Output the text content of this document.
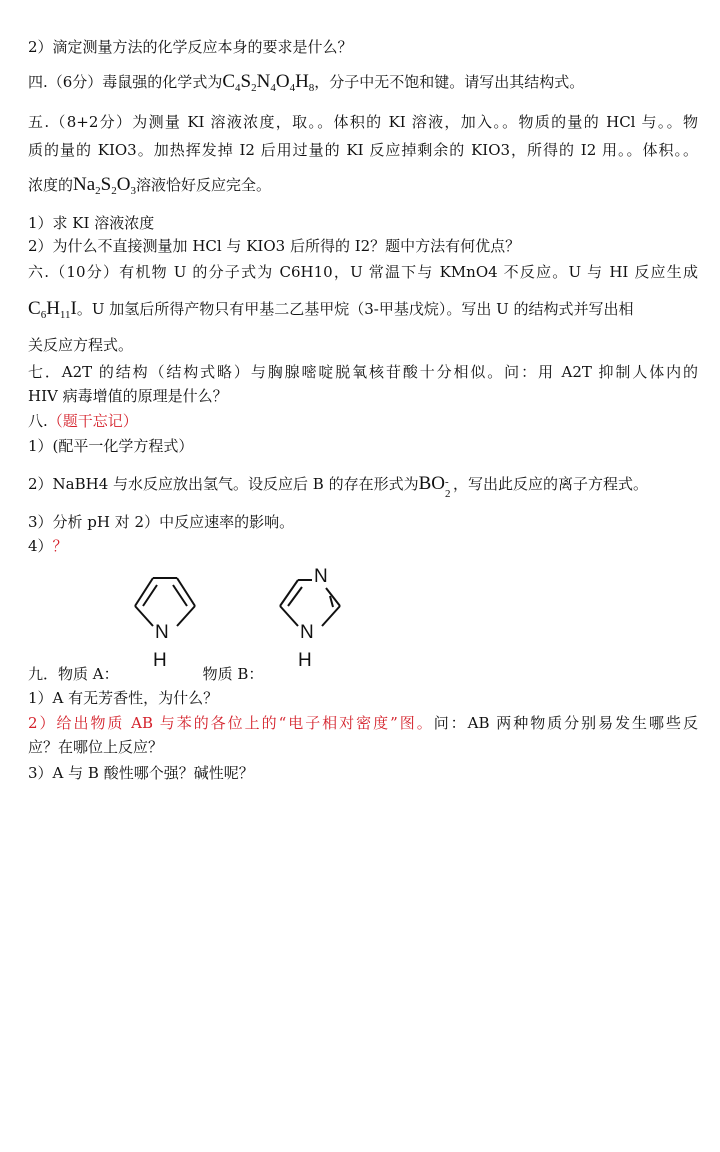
2）滴定测量方法的化学反应本身的要求是什么？
四.（6分）毒鼠强的化学式为$C_4S_2N_4O_4H_8$，分子中无不饱和键。请写出其结构式。
五.（8+2分）为测量 KI 溶液浓度，取。。体积的 KI 溶液，加入。。物质的量的 HCl 与。。物
质的量的 KIO3。加热挥发掉 I2 后用过量的 KI 反应掉剩余的 KIO3，所得的 I2 用。。体积。。
浓度的$Na_2S_2O_3$溶液恰好反应完全。
1）求 KI 溶液浓度
2）为什么不直接测量加 HCl 与 KIO3 后所得的 I2？题中方法有何优点？
六.（10分）有机物 U 的分子式为 C6H10，U 常温下与 KMnO4 不反应。U 与 HI 反应生成
$C_6H_{11}I$。U 加氢后所得产物只有甲基二乙基甲烷（3-甲基戊烷）。写出 U 的结构式并写出相
关反应方程式。
七．A2T 的结构（结构式略）与胸腺嘧啶脱氧核苷酸十分相似。问：用 A2T 抑制人体内的
HIV 病毒增值的原理是什么？
八.（题干忘记）
1）(配平一化学方程式）
2）NaBH4 与水反应放出氢气。设反应后 B 的存在形式为BO -
2
，写出此反应的离子方程式。
3）分析 pH 对 2）中反应速率的影响。
4）？
N
H
N
N
H
九．物质 A：	物质 B：
1）A 有无芳香性，为什么？
2）给出物质 AB 与苯的各位上的“电子相对密度”图。问：AB 两种物质分别易发生哪些反
应？在哪位上反应？
3）A 与 B 酸性哪个强？碱性呢？
